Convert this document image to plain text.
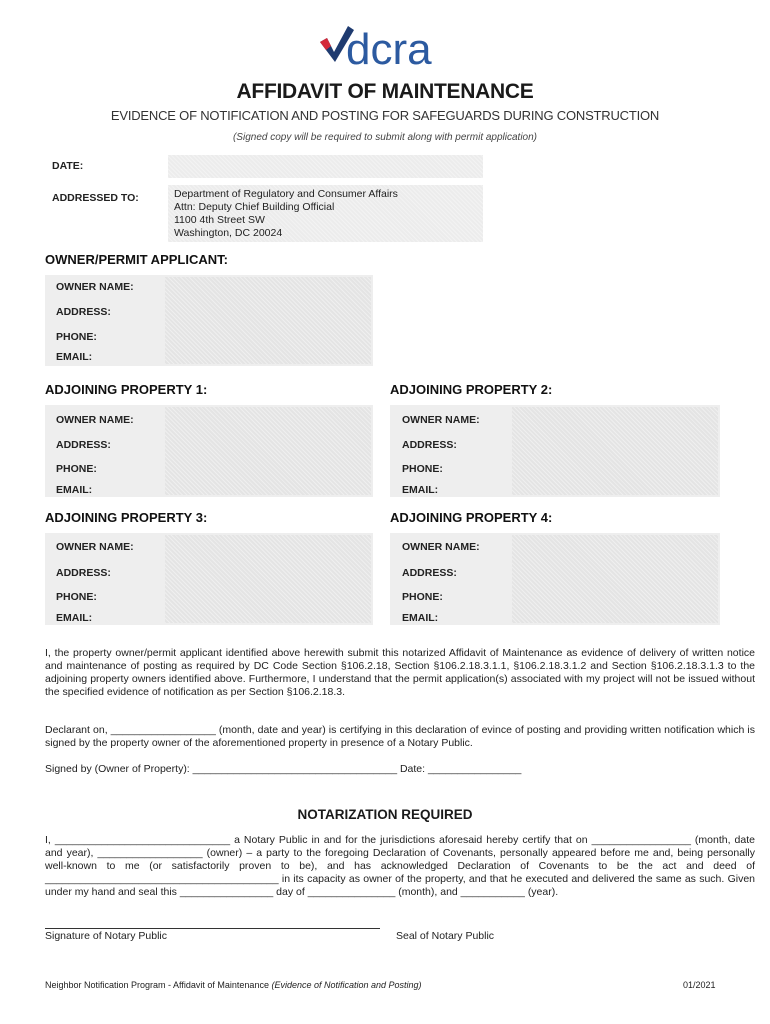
dcra
AFFIDAVIT OF MAINTENANCE
EVIDENCE OF NOTIFICATION AND POSTING FOR SAFEGUARDS DURING CONSTRUCTION
(Signed copy will be required to submit along with permit application)
DATE:
ADDRESSED TO:	Department of Regulatory and Consumer Affairs
Attn: Deputy Chief Building Official
1100 4th Street SW
Washington, DC 20024
OWNER/PERMIT APPLICANT:
OWNER NAME:
ADDRESS:
PHONE:
EMAIL:
ADJOINING PROPERTY 1:
OWNER NAME:
ADDRESS:
PHONE:
EMAIL:
ADJOINING PROPERTY 2:
OWNER NAME:
ADDRESS:
PHONE:
EMAIL:
ADJOINING PROPERTY 3:
OWNER NAME:
ADDRESS:
PHONE:
EMAIL:
ADJOINING PROPERTY 4:
OWNER NAME:
ADDRESS:
PHONE:
EMAIL:

I, the property owner/permit applicant identified above herewith submit this notarized Affidavit of Maintenance as evidence of delivery of written notice and maintenance of posting as required by DC Code Section §106.2.18, Section §106.2.18.3.1.1, §106.2.18.3.1.2 and Section §106.2.18.3.1.3 to the adjoining property owners identified above. Furthermore, I understand that the permit application(s) associated with my project will not be issued without the specified evidence of notification as per Section §106.2.18.3.

Declarant on, __________________ (month, date and year) is certifying in this declaration of evince of posting and providing written notification which is signed by the property owner of the aforementioned property in presence of a Notary Public.

Signed by (Owner of Property): ___________________________________ Date: ________________

NOTARIZATION REQUIRED

I, ______________________________ a Notary Public in and for the jurisdictions aforesaid hereby certify that on _________________ (month, date and year), __________________ (owner) – a party to the foregoing Declaration of Covenants, personally appeared before me and, being personally well-known to me (or satisfactorily proven to be), and has acknowledged Declaration of Covenants to be the act and deed of ________________________________________ in its capacity as owner of the property, and that he executed and delivered the same as such. Given under my hand and seal this ________________ day of _______________ (month), and ___________ (year).

Signature of Notary Public	Seal of Notary Public
Neighbor Notification Program - Affidavit of Maintenance (Evidence of Notification and Posting)	01/2021
